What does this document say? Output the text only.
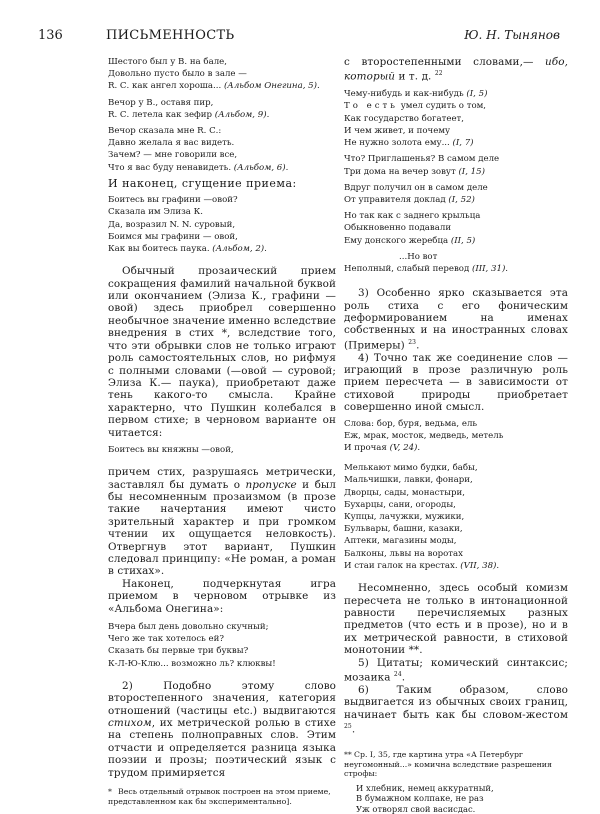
136	ПИСЬМЕННОСТЬ	Ю. Н. Тынянов
Шестого был у В. на бале,
Довольно пусто было в зале —
R. С. как ангел хороша... (Альбом Онегина, 5).
Вечор у В., оставя пир,
R. С. летела как зефир (Альбом, 9).
Вечор сказала мне R. С.:
Давно желала я вас видеть.
Зачем? — мне говорили все,
Что я вас буду ненавидеть. (Альбом, 6).

И наконец, сгущение приема:

Боитесь вы графини —овой?
Сказала им Элиза К.
Да, возразил N. N. суровый,
Боимся мы графини — овой,
Как вы боитесь паука. (Альбом, 2).

Обычный прозаический прием сокращения фамилий начальной буквой или окончанием (Элиза К., графини —овой) здесь приобрел совершенно необычное значение именно вследствие внедрения в стих *, вследствие того, что эти обрывки слов не только играют роль самостоятельных слов, но рифмуя с полными словами (—овой — суровой; Элиза К.— паука), приобретают даже тень какого-то смысла. Крайне характерно, что Пушкин колебался в первом стихе; в черновом варианте он читается:

Боитесь вы княжны —овой,

причем стих, разрушаясь метрически, заставлял бы думать о пропуске и был бы несомненным прозаизмом (в прозе такие начертания имеют чисто зрительный характер и при громком чтении их ощущается неловкость). Отвергнув этот вариант, Пушкин следовал принципу: «Не роман, а роман в стихах».

Наконец, подчеркнутая игра приемом в черновом отрывке из «Альбома Онегина»:

Вчера был день довольно скучный;
Чего же так хотелось ей?
Сказать бы первые три буквы?
К-Л-Ю-Клю... возможно ль? клюквы!

2) Подобно этому слово второстепенного значения, категория отношений (частицы etc.) выдвигаются стихом, их метрической ролью в стихе на степень полноправных слов. Этим отчасти и определяется разница языка поэзии и прозы; поэтический язык с трудом примиряется

* Весь отдельный отрывок построен на этом приеме, представленном как бы экспериментально].

с второстепенными словами,— ибо, который и т. д. $^{22}$

Чему-нибудь и как-нибудь (I, 5)
То есть умел судить о том,
Как государство богатеет,
И чем живет, и почему
Не нужно золота ему... (I, 7)
Что? Приглашенья? В самом деле
Три дома на вечер зовут (I, 15)
Вдруг получил он в самом деле
От управителя доклад (I, 52)
Но так как с заднего крыльца
Обыкновенно подавали
Ему донского жеребца (II, 5)
...Но вот
Неполный, слабый перевод (III, 31).

3) Особенно ярко сказывается эта роль стиха с его фоническим деформированием на именах собственных и на иностранных словах (Примеры) $^{23}$.

4) Точно так же соединение слов — играющий в прозе различную роль прием пересчета — в зависимости от стиховой природы приобретает совершенно иной смысл.

Слова: бор, буря, ведьма, ель
Еж, мрак, мосток, медведь, метель
И прочая (V, 24).
Мелькают мимо будки, бабы,
Мальчишки, лавки, фонари,
Дворцы, сады, монастыри,
Бухарцы, сани, огороды,
Купцы, лачужки, мужики,
Бульвары, башни, казаки,
Аптеки, магазины моды,
Балконы, львы на воротах
И стаи галок на крестах. (VII, 38).

Несомненно, здесь особый комизм пересчета не только в интонационной равности перечисляемых разных предметов (что есть и в прозе), но и в их метрической равности, в стиховой монотонии **.

5) Цитаты; комический синтаксис; мозаика $^{24}$.

6) Таким образом, слово выдвигается из обычных своих границ, начинает быть как бы словом-жестом $^{25}$.

** Ср. I, 35, где картина утра «А Петербург неугомонный...» комична вследствие разрешения строфы:

И хлебник, немец аккуратный,
В бумажном колпаке, не раз
Уж отворял свой васисдас.
